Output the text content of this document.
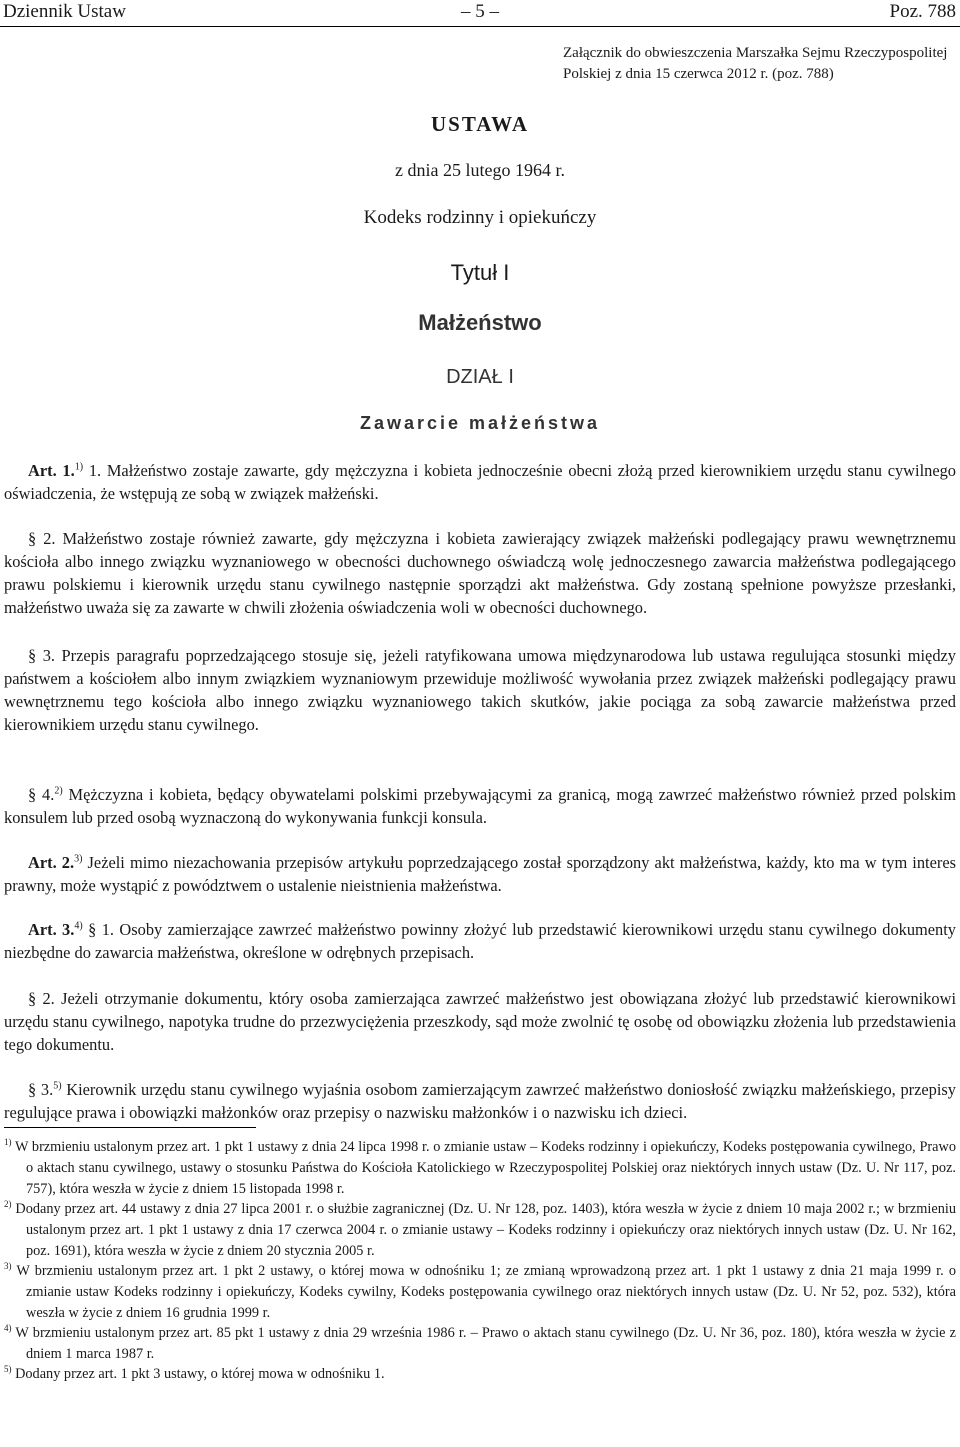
Dziennik Ustaw	– 5 –	Poz. 788
Załącznik do obwieszczenia Marszałka Sejmu Rzeczypospolitej Polskiej z dnia 15 czerwca 2012 r. (poz. 788)
USTAWA
z dnia 25 lutego 1964 r.
Kodeks rodzinny i opiekuńczy
Tytuł I
Małżeństwo
DZIAŁ I
Zawarcie małżeństwa

Art. 1.$^{1)}$ 1. Małżeństwo zostaje zawarte, gdy mężczyzna i kobieta jednocześnie obecni złożą przed kierownikiem urzędu stanu cywilnego oświadczenia, że wstępują ze sobą w związek małżeński.

§ 2. Małżeństwo zostaje również zawarte, gdy mężczyzna i kobieta zawierający związek małżeński podlegający prawu wewnętrznemu kościoła albo innego związku wyznaniowego w obecności duchownego oświadczą wolę jednoczesnego zawarcia małżeństwa podlegającego prawu polskiemu i kierownik urzędu stanu cywilnego następnie sporządzi akt małżeństwa. Gdy zostaną spełnione powyższe przesłanki, małżeństwo uważa się za zawarte w chwili złożenia oświadczenia woli w obecności duchownego.

§ 3. Przepis paragrafu poprzedzającego stosuje się, jeżeli ratyfikowana umowa międzynarodowa lub ustawa regulująca stosunki między państwem a kościołem albo innym związkiem wyznaniowym przewiduje możliwość wywołania przez związek małżeński podlegający prawu wewnętrznemu tego kościoła albo innego związku wyznaniowego takich skutków, jakie pociąga za sobą zawarcie małżeństwa przed kierownikiem urzędu stanu cywilnego.

§ 4.$^{2)}$ Mężczyzna i kobieta, będący obywatelami polskimi przebywającymi za granicą, mogą zawrzeć małżeństwo również przed polskim konsulem lub przed osobą wyznaczoną do wykonywania funkcji konsula.

Art. 2.$^{3)}$ Jeżeli mimo niezachowania przepisów artykułu poprzedzającego został sporządzony akt małżeństwa, każdy, kto ma w tym interes prawny, może wystąpić z powództwem o ustalenie nieistnienia małżeństwa.

Art. 3.$^{4)}$ § 1. Osoby zamierzające zawrzeć małżeństwo powinny złożyć lub przedstawić kierownikowi urzędu stanu cywilnego dokumenty niezbędne do zawarcia małżeństwa, określone w odrębnych przepisach.

§ 2. Jeżeli otrzymanie dokumentu, który osoba zamierzająca zawrzeć małżeństwo jest obowiązana złożyć lub przedstawić kierownikowi urzędu stanu cywilnego, napotyka trudne do przezwyciężenia przeszkody, sąd może zwolnić tę osobę od obowiązku złożenia lub przedstawienia tego dokumentu.

§ 3.$^{5)}$ Kierownik urzędu stanu cywilnego wyjaśnia osobom zamierzającym zawrzeć małżeństwo doniosłość związku małżeńskiego, przepisy regulujące prawa i obowiązki małżonków oraz przepisy o nazwisku małżonków i o nazwisku ich dzieci.

$^{1)}$ W brzmieniu ustalonym przez art. 1 pkt 1 ustawy z dnia 24 lipca 1998 r. o zmianie ustaw – Kodeks rodzinny i opiekuńczy, Kodeks postępowania cywilnego, Prawo o aktach stanu cywilnego, ustawy o stosunku Państwa do Kościoła Katolickiego w Rzeczypospolitej Polskiej oraz niektórych innych ustaw (Dz. U. Nr 117, poz. 757), która weszła w życie z dniem 15 listopada 1998 r.

$^{2)}$ Dodany przez art. 44 ustawy z dnia 27 lipca 2001 r. o służbie zagranicznej (Dz. U. Nr 128, poz. 1403), która weszła w życie z dniem 10 maja 2002 r.; w brzmieniu ustalonym przez art. 1 pkt 1 ustawy z dnia 17 czerwca 2004 r. o zmianie ustawy – Kodeks rodzinny i opiekuńczy oraz niektórych innych ustaw (Dz. U. Nr 162, poz. 1691), która weszła w życie z dniem 20 stycznia 2005 r.

$^{3)}$ W brzmieniu ustalonym przez art. 1 pkt 2 ustawy, o której mowa w odnośniku 1; ze zmianą wprowadzoną przez art. 1 pkt 1 ustawy z dnia 21 maja 1999 r. o zmianie ustaw Kodeks rodzinny i opiekuńczy, Kodeks cywilny, Kodeks postępowania cywilnego oraz niektórych innych ustaw (Dz. U. Nr 52, poz. 532), która weszła w życie z dniem 16 grudnia 1999 r.

$^{4)}$ W brzmieniu ustalonym przez art. 85 pkt 1 ustawy z dnia 29 września 1986 r. – Prawo o aktach stanu cywilnego (Dz. U. Nr 36, poz. 180), która weszła w życie z dniem 1 marca 1987 r.

$^{5)}$ Dodany przez art. 1 pkt 3 ustawy, o której mowa w odnośniku 1.
